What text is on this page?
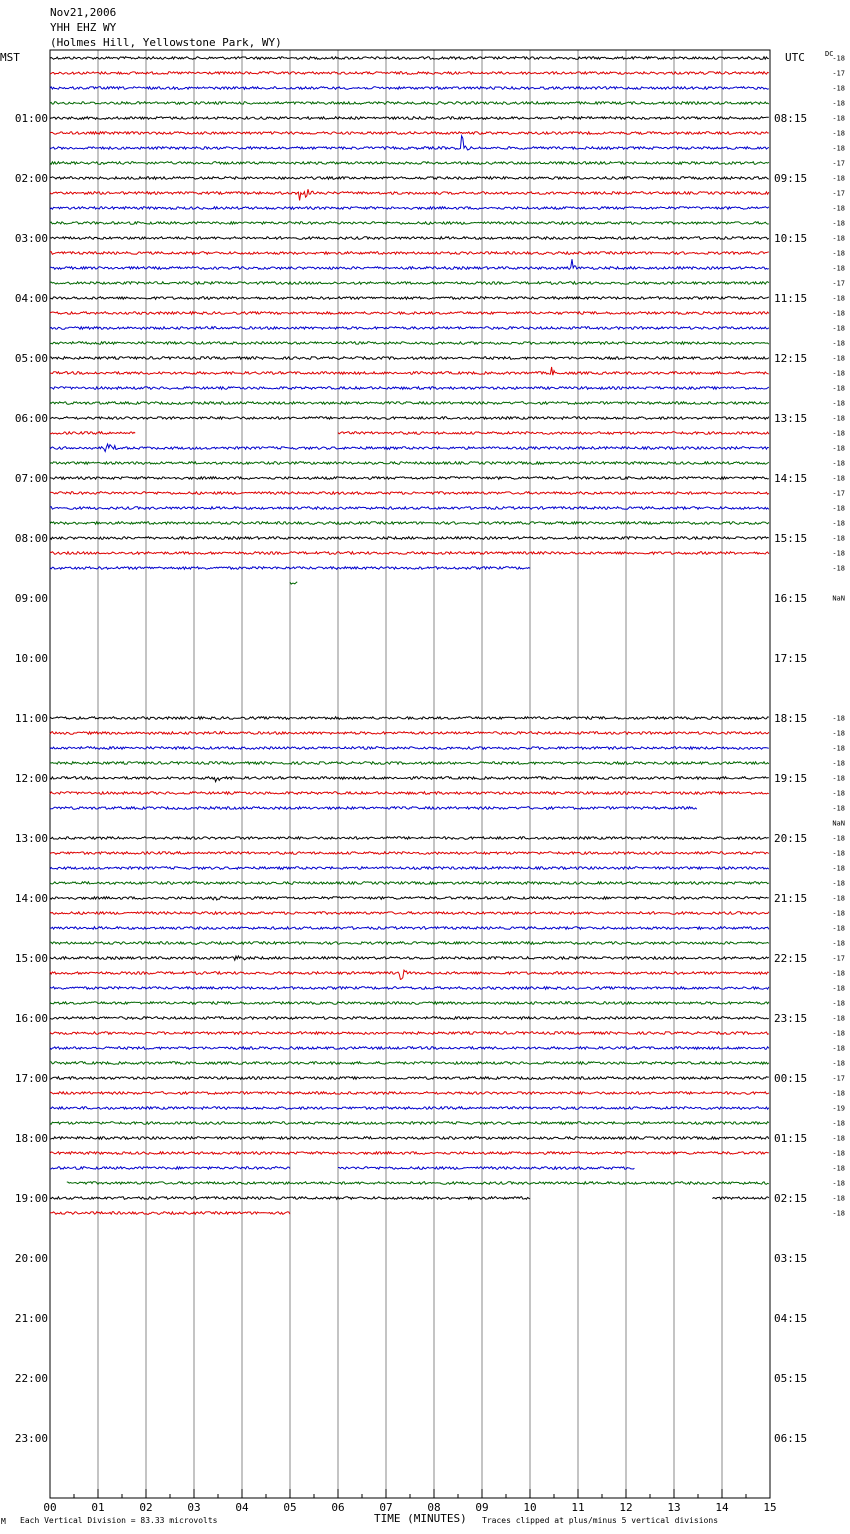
Nov21,2006
YHH EHZ WY
(Holmes Hill, Yellowstone Park, WY)
MST	UTC	DC
01:00
02:00
03:00
04:00
05:00
06:00
07:00
08:00
09:00
10:00
11:00
12:00
13:00
14:00
15:00
16:00
17:00
18:00
19:00
20:00
21:00
22:00
23:00
08:15
09:15
10:15
11:15
12:15
13:15
14:15
15:15
16:15
17:15
18:15
19:15
20:15
21:15
22:15
23:15
00:15
01:15
02:15
03:15
04:15
05:15
06:15
-18
-17
-18
-18
-18
-18
-18
-17
-18
-17
-18
-18
-18
-18
-18
-17
-18
-18
-18
-18
-18
-18
-18
-18
-18
-18
-18
-18
-18
-17
-18
-18
-18
-18
-18
NaN
-18
-18
-18
-18
-18
-18
-18
NaN
-18
-18
-18
-18
-18
-18
-18
-18
-17
-18
-18
-18
-18
-18
-18
-18
-17
-18
-19
-18
-18
-18
-18
-18
-18
-18
00	01	02	03	04	05	06	07	08	09	10	11	12	13	14	15
M Each Vertical Division = 83.33 microvolts	TIME (MINUTES) Traces clipped at plus/minus 5 vertical divisions
